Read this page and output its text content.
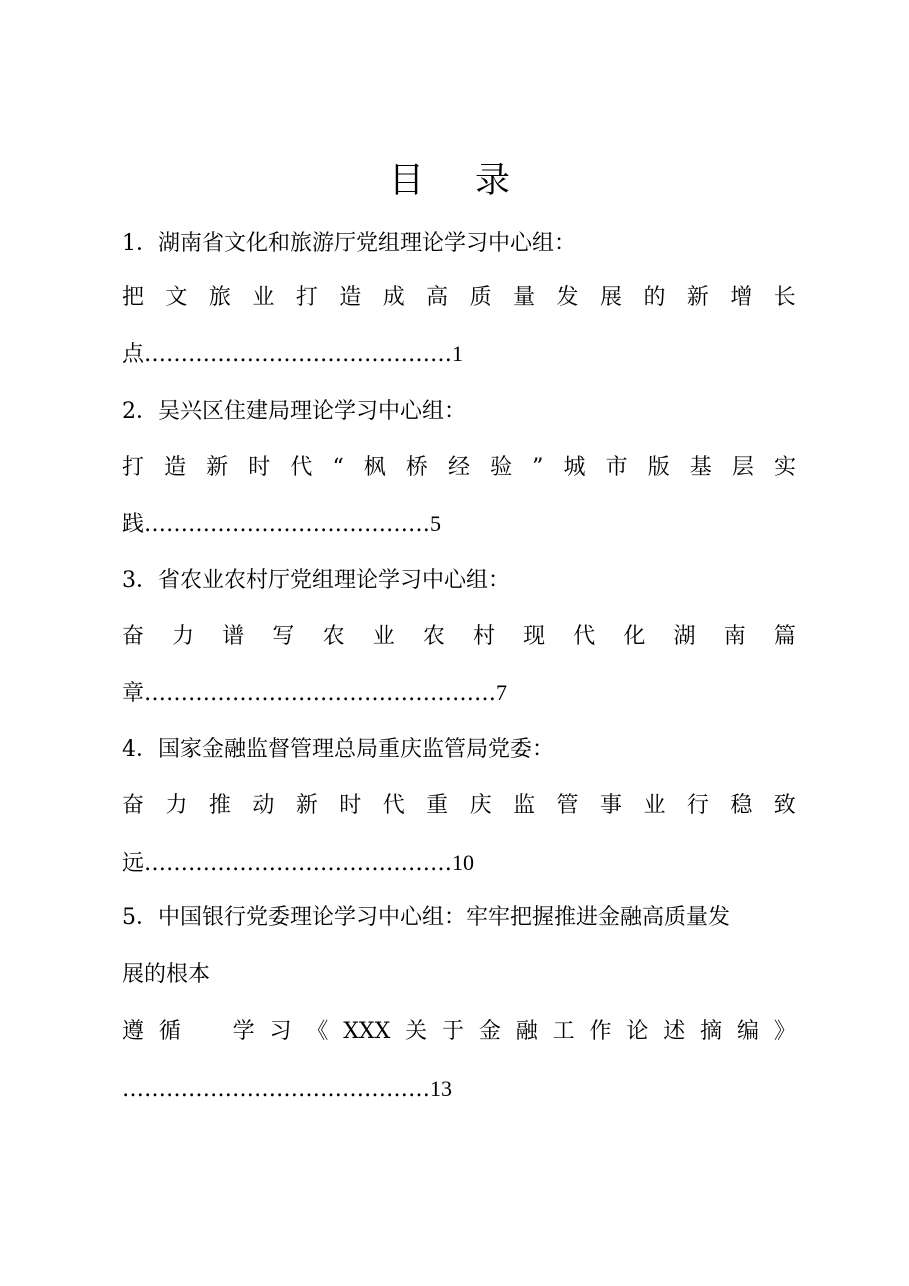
目 录
1．湖南省文化和旅游厅党组理论学习中心组：
把 文 旅 业 打 造 成 高 质 量 发 展 的 新 增 长
点……………………………………1
2．吴兴区住建局理论学习中心组：
打 造 新 时 代 “ 枫 桥 经 验 ” 城 市 版 基 层 实
践…………………………………5
3．省农业农村厅党组理论学习中心组：
奋 力 谱 写 农 业 农 村 现 代 化 湖 南 篇
章…………………………………………7
4．国家金融监督管理总局重庆监管局党委：
奋 力 推 动 新 时 代 重 庆 监 管 事 业 行 稳 致
远……………………………………10
5．中国银行党委理论学习中心组：牢牢把握推进金融高质量发
展的根本
遵 循
　 学 习 《 XXX 关 于 金 融 工 作 论 述 摘 编 》
……………………………………13
